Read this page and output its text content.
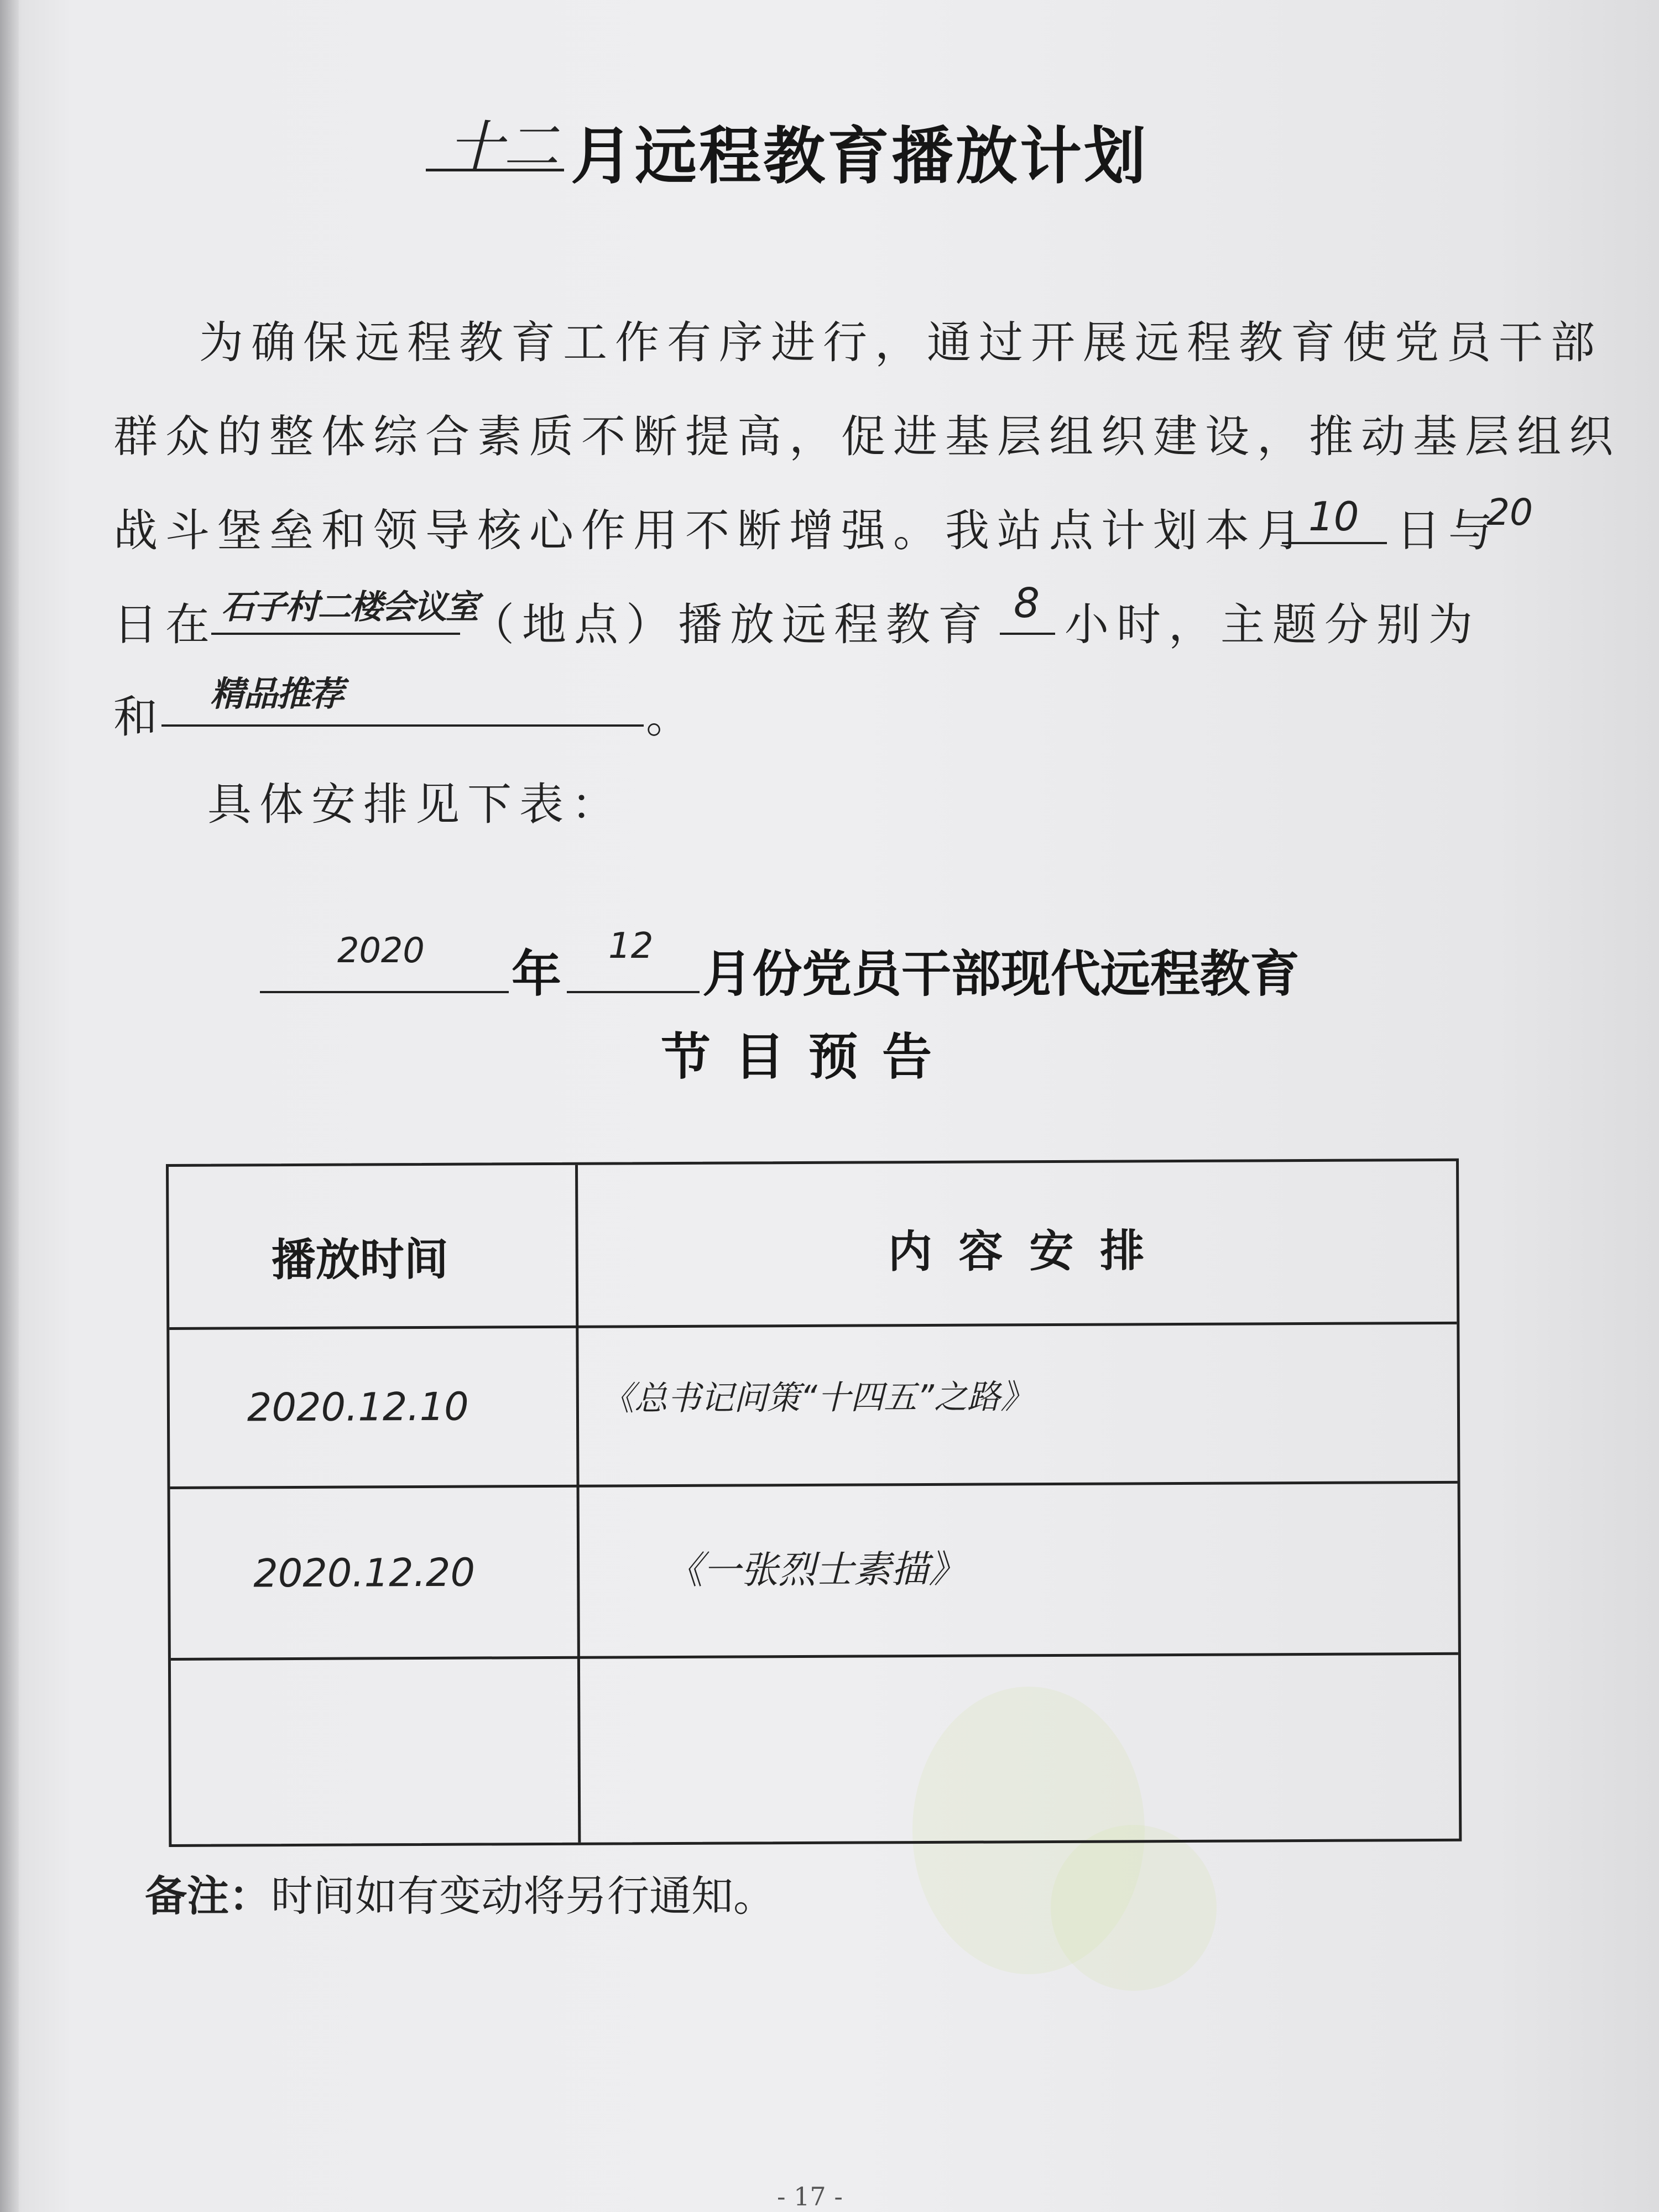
十二 月远程教育播放计划
为确保远程教育工作有序进行，通过开展远程教育使党员干部
群众的整体综合素质不断提高，促进基层组织建设，推动基层组织
战斗堡垒和领导核心作用不断增强。我站点计划本月 10 日与
20
日在 石子村二楼会议室
（地点）播放远程教育 8 小时，主题分别为
和 精品推荐	。
具体安排见下表：
2020 年 12 月份党员干部现代远程教育
节 目 预 告
播放时间	内 容 安 排
2020.12.10	《总书记问策“十四五”之路》
2020.12.20	《一张烈士素描》
备注：时间如有变动将另行通知。
- 17 -
